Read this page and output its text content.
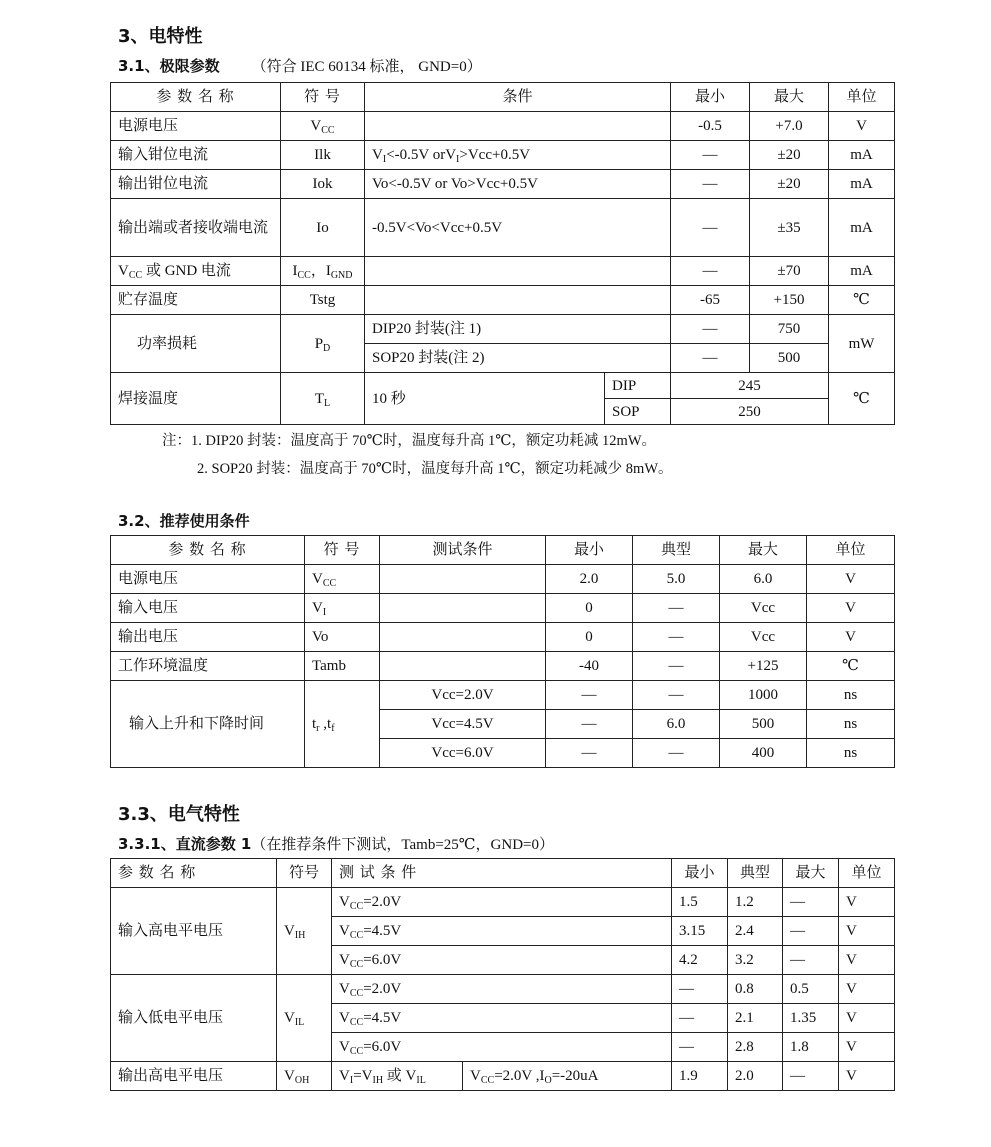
3、电特性
3.1、极限参数 （符合 IEC 60134 标准， GND=0）
参 数 名 称	符 号	条件		最小	最大	单位
电源电压	$V_{CC}$			-0.5	+7.0	V
输入钳位电流	Ilk	$V_I<-0.5V$ orV$_I$>Vcc+0.5V		—	±20	mA
输出钳位电流	Iok	Vo<-0.5V or Vo>Vcc+0.5V		—	±20	mA
输出端或者接收端电流	Io	-0.5V<Vo<Vcc+0.5V		—	±35	mA
$V_{CC}$ 或 GND 电流	$I_{CC}$，$I_{GND}$			—	±70	mA
贮存温度	Tstg			-65	+150	℃
功率损耗	$P_D$	DIP20 封装(注 1)		—	750	mW
		SOP20 封装(注 2)		—	500	
焊接温度	$T_L$	10 秒	DIP	245		℃
			SOP	250		
注：1. DIP20 封装：温度高于 70℃时，温度每升高 1℃，额定功耗减 12mW。
2. SOP20 封装：温度高于 70℃时，温度每升高 1℃，额定功耗减少 8mW。
3.2、推荐使用条件
参 数 名 称	符 号	测试条件	最小	典型	最大	单位
电源电压	$V_{CC}$		2.0	5.0	6.0	V
输入电压	$V_I$		0	—	Vcc	V
输出电压	Vo		0	—	Vcc	V
工作环境温度	Tamb		-40	—	+125	℃
输入上升和下降时间	$t_r$ $,t_f$	Vcc=2.0V	—	—	1000	ns
		Vcc=4.5V	—	6.0	500	ns
		Vcc=6.0V	—	—	400	ns
3.3、电气特性
3.3.1、直流参数 1（在推荐条件下测试，Tamb=25℃，GND=0）
参 数 名 称	符号	测 试 条 件		最小	典型	最大	单位
输入高电平电压	$V_{IH}$	$V_{CC}=2.0V$		1.5	1.2	—	V
		$V_{CC}=4.5V$		3.15	2.4	—	V
		$V_{CC}=6.0V$		4.2	3.2	—	V
输入低电平电压	$V_{IL}$	$V_{CC}=2.0V$		—	0.8	0.5	V
		$V_{CC}=4.5V$		—	2.1	1.35	V
		$V_{CC}=6.0V$		—	2.8	1.8	V
输出高电平电压	$V_{OH}$	$V_I=V_{IH}$ 或 $V_{IL}$	$V_{CC}=2.0V$ $,I_O=-20uA$	1.9	2.0	—	V
